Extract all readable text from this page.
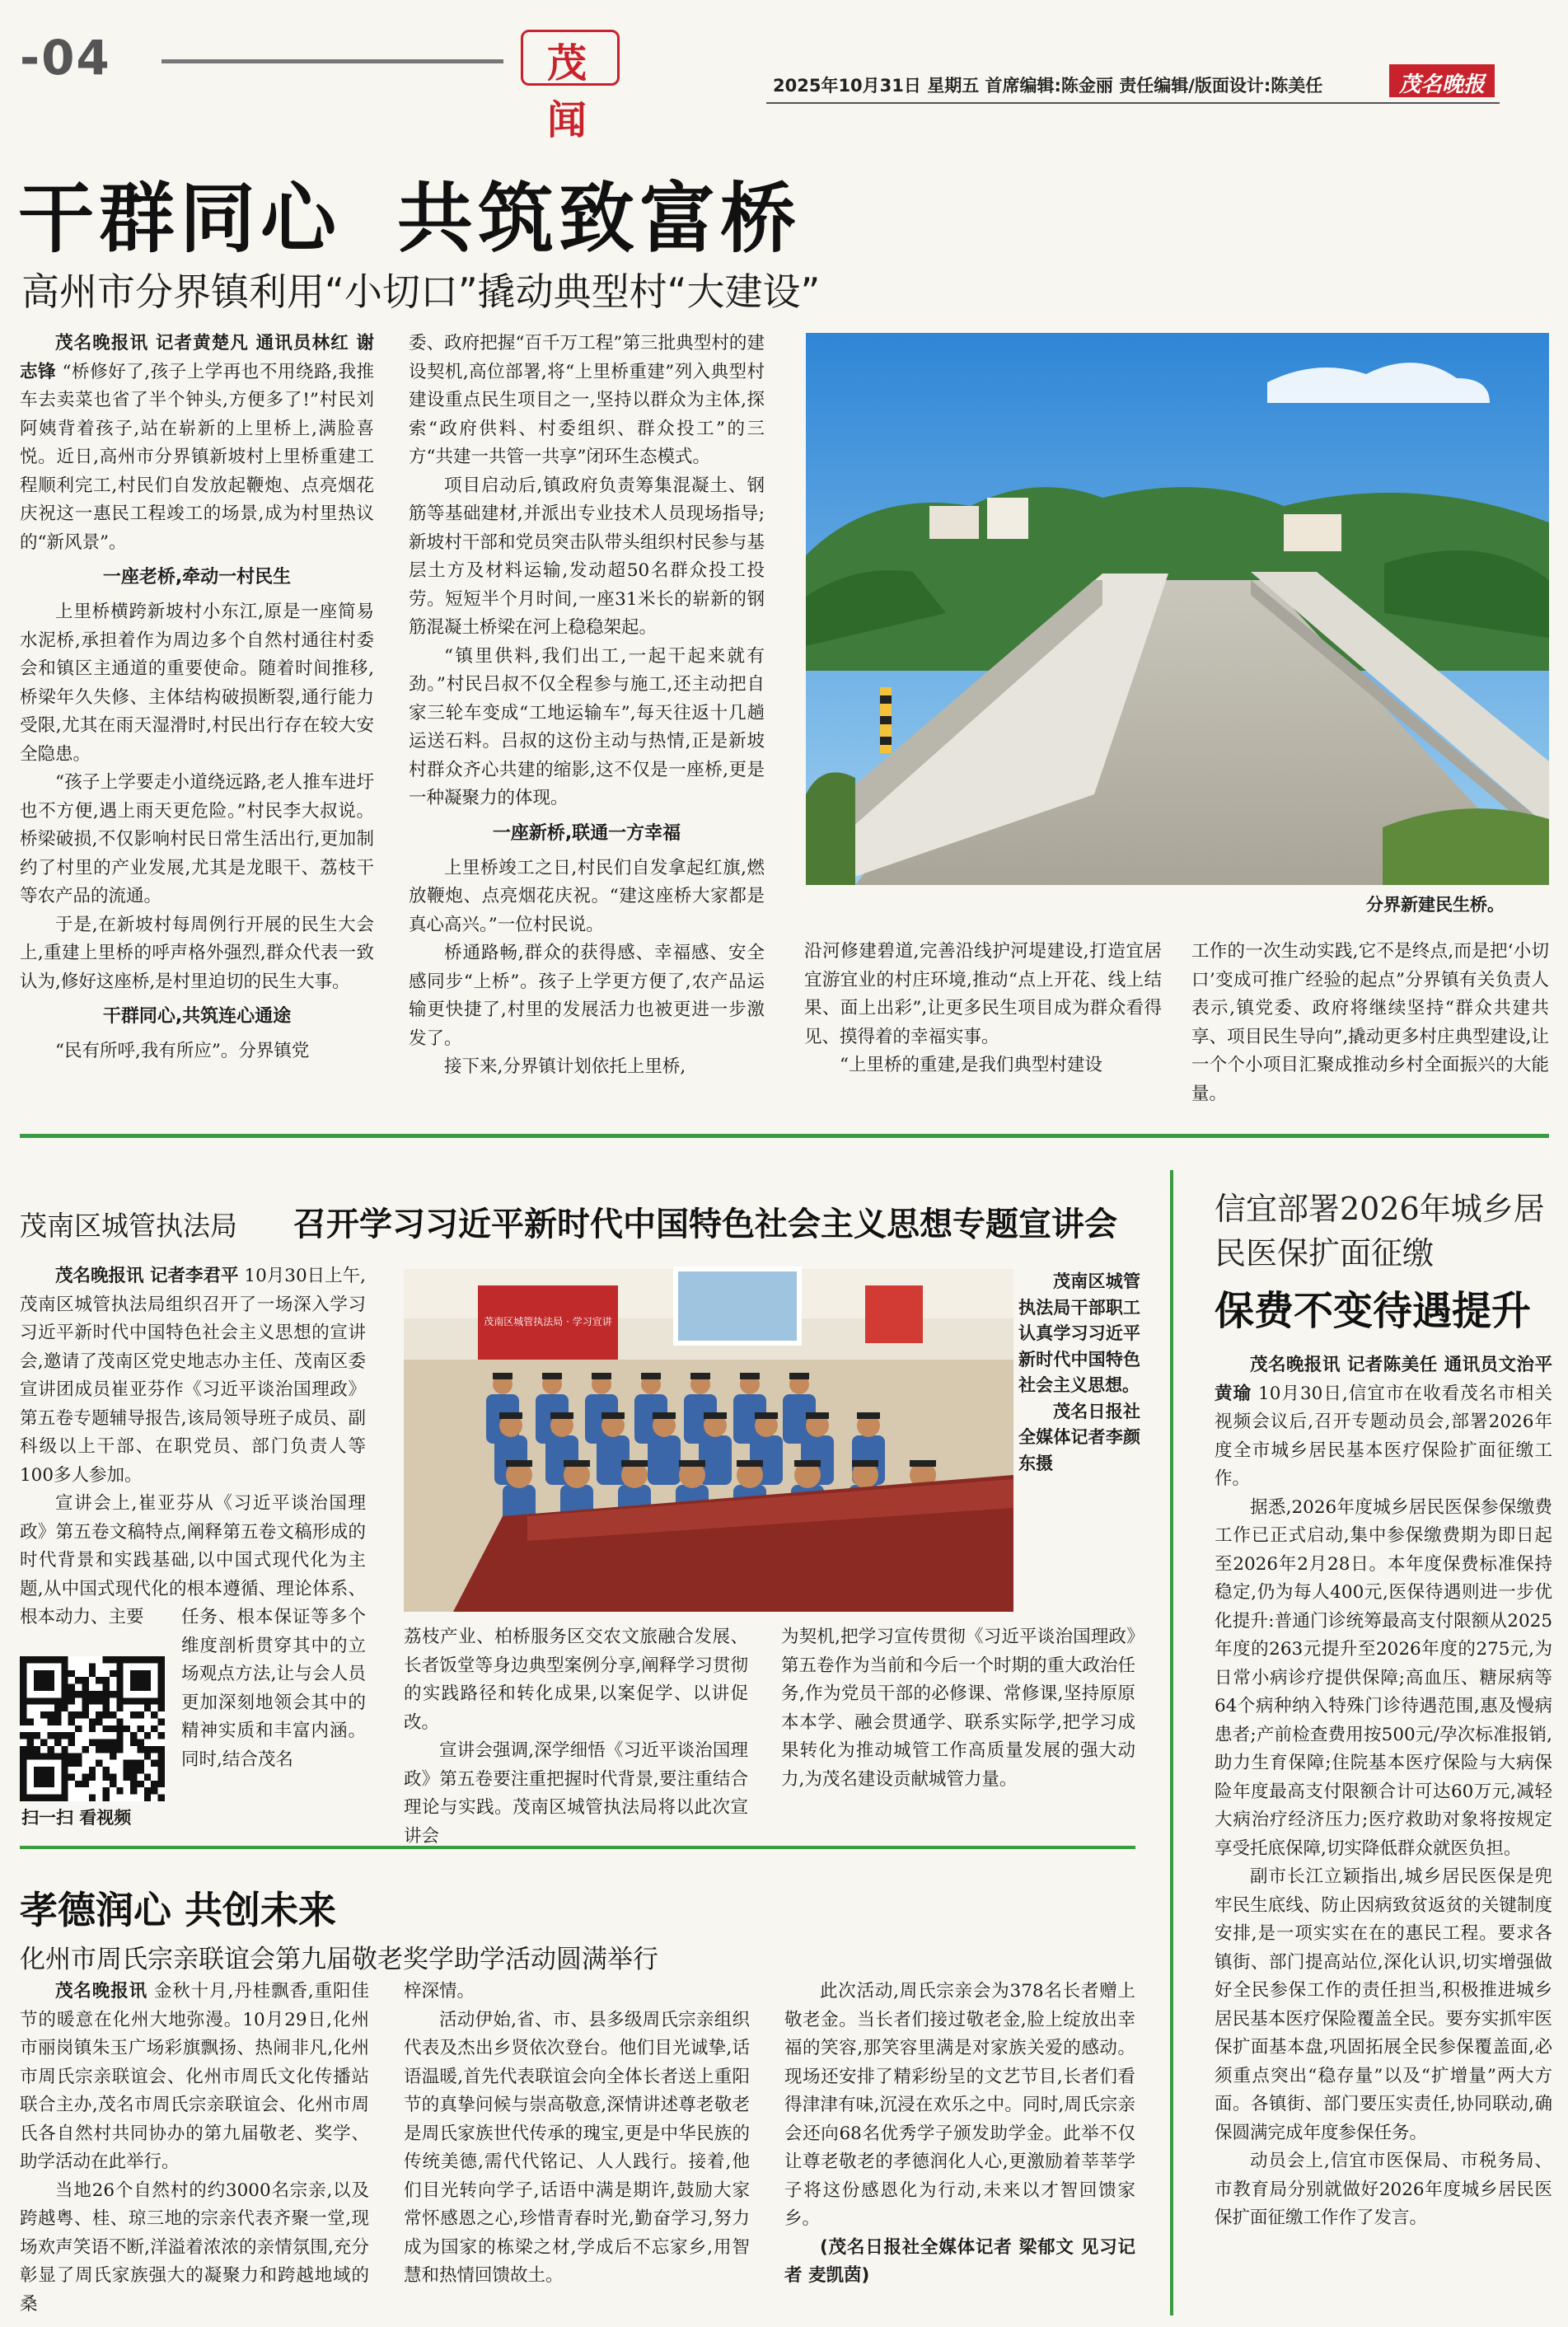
-04	茂闻
2025年10月31日 星期五 首席编辑:陈金丽 责任编辑/版面设计:陈美任	茂名晚报
干群同心 共筑致富桥
高州市分界镇利用“小切口”撬动典型村“大建设”

茂名晚报讯 记者黄楚凡 通讯员林红 谢志锋 “桥修好了,孩子上学再也不用绕路,我推车去卖菜也省了半个钟头,方便多了!”村民刘阿姨背着孩子,站在崭新的上里桥上,满脸喜悦。近日,高州市分界镇新坡村上里桥重建工程顺利完工,村民们自发放起鞭炮、点亮烟花庆祝这一惠民工程竣工的场景,成为村里热议的“新风景”。

一座老桥,牵动一村民生

上里桥横跨新坡村小东江,原是一座简易水泥桥,承担着作为周边多个自然村通往村委会和镇区主通道的重要使命。随着时间推移,桥梁年久失修、主体结构破损断裂,通行能力受限,尤其在雨天湿滑时,村民出行存在较大安全隐患。

“孩子上学要走小道绕远路,老人推车进圩也不方便,遇上雨天更危险。”村民李大叔说。桥梁破损,不仅影响村民日常生活出行,更加制约了村里的产业发展,尤其是龙眼干、荔枝干等农产品的流通。

于是,在新坡村每周例行开展的民生大会上,重建上里桥的呼声格外强烈,群众代表一致认为,修好这座桥,是村里迫切的民生大事。

干群同心,共筑连心通途

“民有所呼,我有所应”。分界镇党

委、政府把握“百千万工程”第三批典型村的建设契机,高位部署,将“上里桥重建”列入典型村建设重点民生项目之一,坚持以群众为主体,探索“政府供料、村委组织、群众投工”的三方“共建一共管一共享”闭环生态模式。

项目启动后,镇政府负责筹集混凝土、钢筋等基础建材,并派出专业技术人员现场指导;新坡村干部和党员突击队带头组织村民参与基层土方及材料运输,发动超50名群众投工投劳。短短半个月时间,一座31米长的崭新的钢筋混凝土桥梁在河上稳稳架起。

“镇里供料,我们出工,一起干起来就有劲。”村民吕叔不仅全程参与施工,还主动把自家三轮车变成“工地运输车”,每天往返十几趟运送石料。吕叔的这份主动与热情,正是新坡村群众齐心共建的缩影,这不仅是一座桥,更是一种凝聚力的体现。

一座新桥,联通一方幸福

上里桥竣工之日,村民们自发拿起红旗,燃放鞭炮、点亮烟花庆祝。“建这座桥大家都是真心高兴。”一位村民说。

桥通路畅,群众的获得感、幸福感、安全感同步“上桥”。孩子上学更方便了,农产品运输更快捷了,村里的发展活力也被更进一步激发了。

接下来,分界镇计划依托上里桥,

分界新建民生桥。

沿河修建碧道,完善沿线护河堤建设,打造宜居宜游宜业的村庄环境,推动“点上开花、线上结果、面上出彩”,让更多民生项目成为群众看得见、摸得着的幸福实事。

“上里桥的重建,是我们典型村建设

工作的一次生动实践,它不是终点,而是把‘小切口’变成可推广经验的起点”分界镇有关负责人表示,镇党委、政府将继续坚持“群众共建共享、项目民生导向”,撬动更多村庄典型建设,让一个个小项目汇聚成推动乡村全面振兴的大能量。

茂南区城管执法局 召开学习习近平新时代中国特色社会主义思想专题宣讲会

茂名晚报讯 记者李君平 10月30日上午,茂南区城管执法局组织召开了一场深入学习习近平新时代中国特色社会主义思想的宣讲会,邀请了茂南区党史地志办主任、茂南区委宣讲团成员崔亚芬作《习近平谈治国理政》第五卷专题辅导报告,该局领导班子成员、副科级以上干部、在职党员、部门负责人等100多人参加。

宣讲会上,崔亚芬从《习近平谈治国理政》第五卷文稿特点,阐释第五卷文稿形成的时代背景和实践基础,以中国式现代化为主题,从中国式现代化的根本遵循、理论体系、根本动力、主要	任务、根本保证等多个维度剖析贯穿其中的立场观点方法,让与会人员更加深刻地领会其中的精神实质和丰富内涵。同时,结合茂名

扫一扫 看视频
茂南区城管执法局 · 学习宣讲

茂南区城管执法局干部职工认真学习习近平新时代中国特色社会主义思想。

茂名日报社全媒体记者李颜东摄

荔枝产业、柏桥服务区交农文旅融合发展、长者饭堂等身边典型案例分享,阐释学习贯彻的实践路径和转化成果,以案促学、以讲促改。

宣讲会强调,深学细悟《习近平谈治国理政》第五卷要注重把握时代背景,要注重结合理论与实践。茂南区城管执法局将以此次宣讲会

为契机,把学习宣传贯彻《习近平谈治国理政》第五卷作为当前和今后一个时期的重大政治任务,作为党员干部的必修课、常修课,坚持原原本本学、融会贯通学、联系实际学,把学习成果转化为推动城管工作高质量发展的强大动力,为茂名建设贡献城管力量。

信宜部署2026年城乡居民医保扩面征缴
保费不变待遇提升

茂名晚报讯 记者陈美任 通讯员文治平 黄瑜 10月30日,信宜市在收看茂名市相关视频会议后,召开专题动员会,部署2026年度全市城乡居民基本医疗保险扩面征缴工作。

据悉,2026年度城乡居民医保参保缴费工作已正式启动,集中参保缴费期为即日起至2026年2月28日。本年度保费标准保持稳定,仍为每人400元,医保待遇则进一步优化提升:普通门诊统筹最高支付限额从2025年度的263元提升至2026年度的275元,为日常小病诊疗提供保障;高血压、糖尿病等64个病种纳入特殊门诊待遇范围,惠及慢病患者;产前检查费用按500元/孕次标准报销,助力生育保障;住院基本医疗保险与大病保险年度最高支付限额合计可达60万元,减轻大病治疗经济压力;医疗救助对象将按规定享受托底保障,切实降低群众就医负担。

副市长江立颖指出,城乡居民医保是兜牢民生底线、防止因病致贫返贫的关键制度安排,是一项实实在在的惠民工程。要求各镇街、部门提高站位,深化认识,切实增强做好全民参保工作的责任担当,积极推进城乡居民基本医疗保险覆盖全民。要夯实抓牢医保扩面基本盘,巩固拓展全民参保覆盖面,必须重点突出“稳存量”以及“扩增量”两大方面。各镇街、部门要压实责任,协同联动,确保圆满完成年度参保任务。

动员会上,信宜市医保局、市税务局、市教育局分别就做好2026年度城乡居民医保扩面征缴工作作了发言。

孝德润心 共创未来
化州市周氏宗亲联谊会第九届敬老奖学助学活动圆满举行

茂名晚报讯 金秋十月,丹桂飘香,重阳佳节的暖意在化州大地弥漫。10月29日,化州市丽岗镇朱玉广场彩旗飘扬、热闹非凡,化州市周氏宗亲联谊会、化州市周氏文化传播站联合主办,茂名市周氏宗亲联谊会、化州市周氏各自然村共同协办的第九届敬老、奖学、助学活动在此举行。

当地26个自然村的约3000名宗亲,以及跨越粤、桂、琼三地的宗亲代表齐聚一堂,现场欢声笑语不断,洋溢着浓浓的亲情氛围,充分彰显了周氏家族强大的凝聚力和跨越地域的桑

梓深情。

活动伊始,省、市、县多级周氏宗亲组织代表及杰出乡贤依次登台。他们目光诚挚,话语温暖,首先代表联谊会向全体长者送上重阳节的真挚问候与崇高敬意,深情讲述尊老敬老是周氏家族世代传承的瑰宝,更是中华民族的传统美德,需代代铭记、人人践行。接着,他们目光转向学子,话语中满是期许,鼓励大家常怀感恩之心,珍惜青春时光,勤奋学习,努力成为国家的栋梁之材,学成后不忘家乡,用智慧和热情回馈故土。

此次活动,周氏宗亲会为378名长者赠上敬老金。当长者们接过敬老金,脸上绽放出幸福的笑容,那笑容里满是对家族关爱的感动。现场还安排了精彩纷呈的文艺节目,长者们看得津津有味,沉浸在欢乐之中。同时,周氏宗亲会还向68名优秀学子颁发助学金。此举不仅让尊老敬老的孝德润化人心,更激励着莘莘学子将这份感恩化为行动,未来以才智回馈家乡。

(茂名日报社全媒体记者 梁郁文 见习记者 麦凯茵)
